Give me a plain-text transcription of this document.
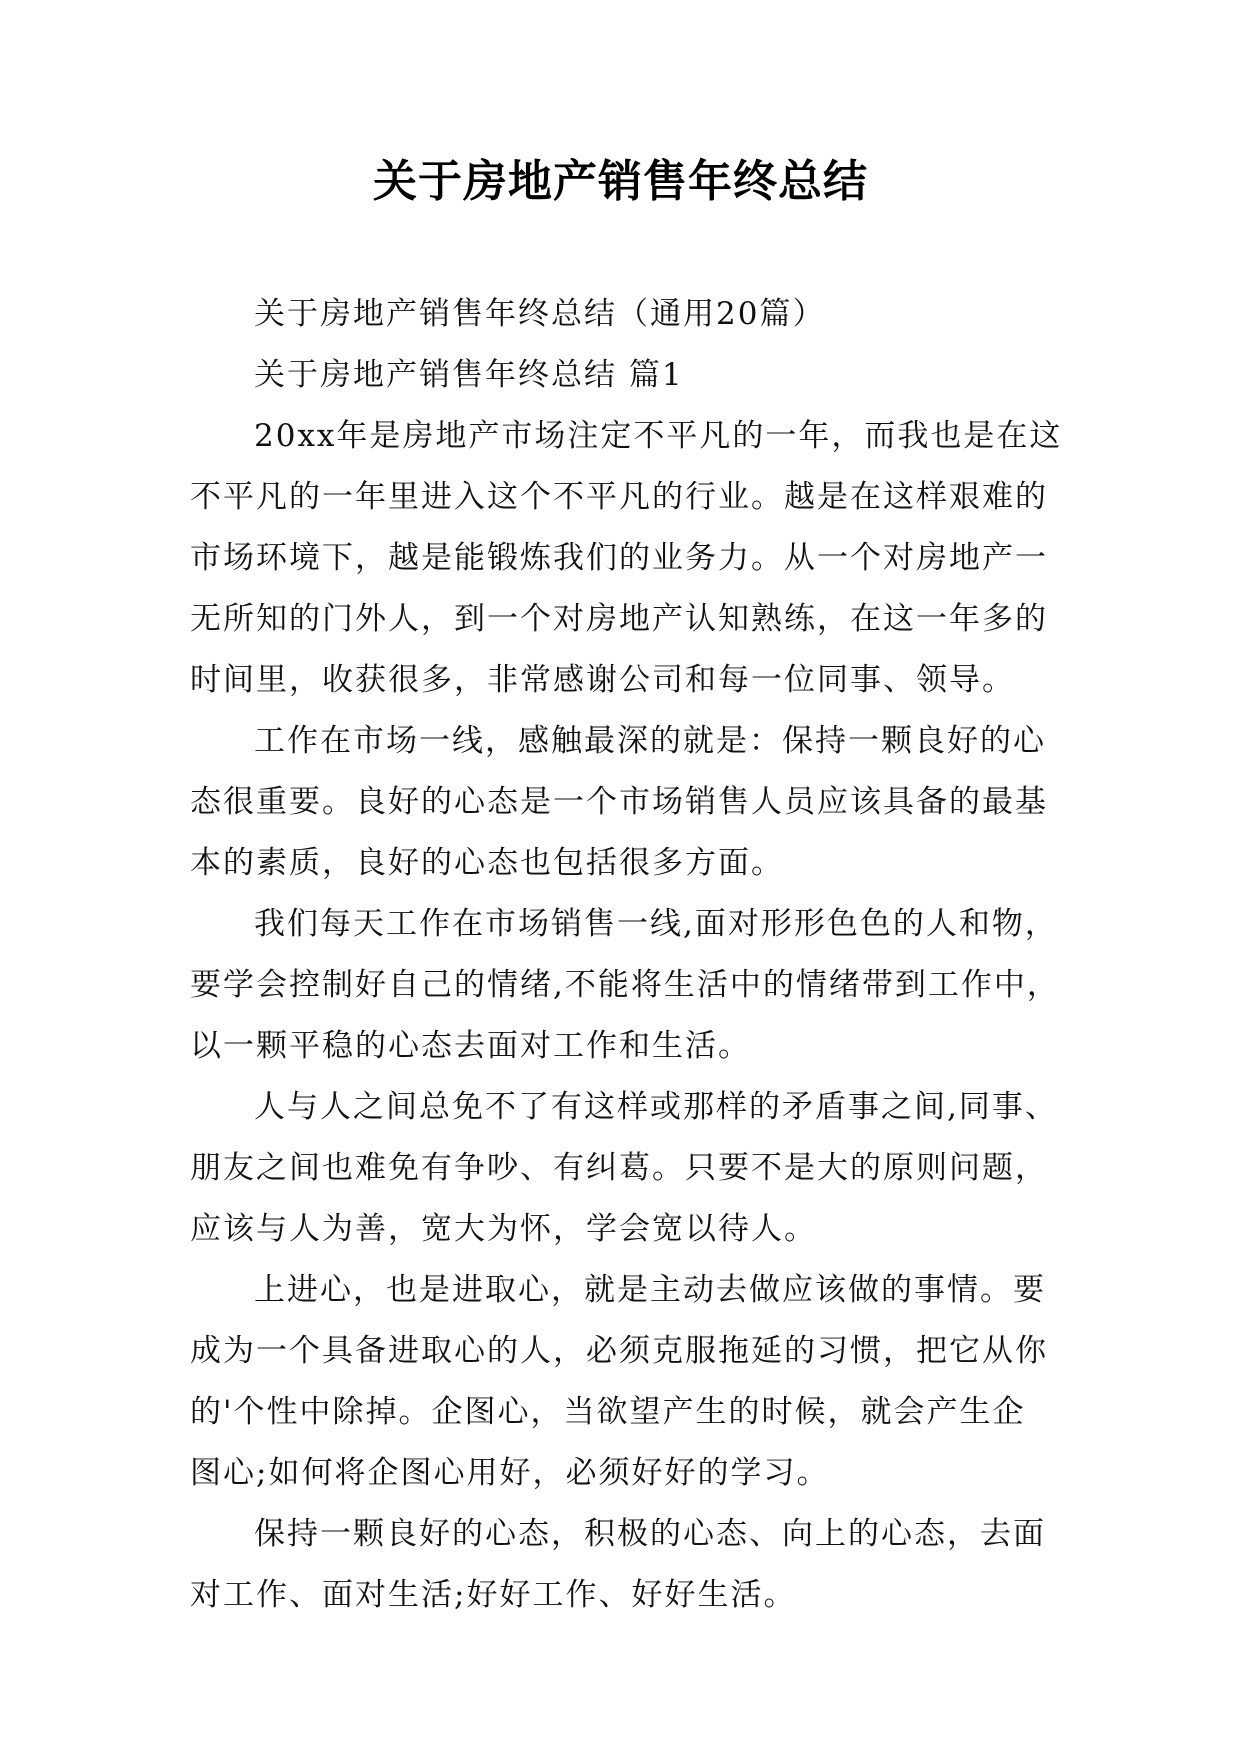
关于房地产销售年终总结
关于房地产销售年终总结（通用20篇）
关于房地产销售年终总结 篇1
20xx年是房地产市场注定不平凡的一年，而我也是在这
不平凡的一年里进入这个不平凡的行业。越是在这样艰难的
市场环境下，越是能锻炼我们的业务力。从一个对房地产一
无所知的门外人，到一个对房地产认知熟练，在这一年多的
时间里，收获很多，非常感谢公司和每一位同事、领导。
工作在市场一线，感触最深的就是：保持一颗良好的心
态很重要。良好的心态是一个市场销售人员应该具备的最基
本的素质，良好的心态也包括很多方面。
我们每天工作在市场销售一线,面对形形色色的人和物，
要学会控制好自己的情绪,不能将生活中的情绪带到工作中，
以一颗平稳的心态去面对工作和生活。
人与人之间总免不了有这样或那样的矛盾事之间,同事、
朋友之间也难免有争吵、有纠葛。只要不是大的原则问题，
应该与人为善，宽大为怀，学会宽以待人。
上进心，也是进取心，就是主动去做应该做的事情。要
成为一个具备进取心的人，必须克服拖延的习惯，把它从你
的'个性中除掉。企图心，当欲望产生的时候，就会产生企
图心;如何将企图心用好，必须好好的学习。
保持一颗良好的心态，积极的心态、向上的心态，去面
对工作、面对生活;好好工作、好好生活。
